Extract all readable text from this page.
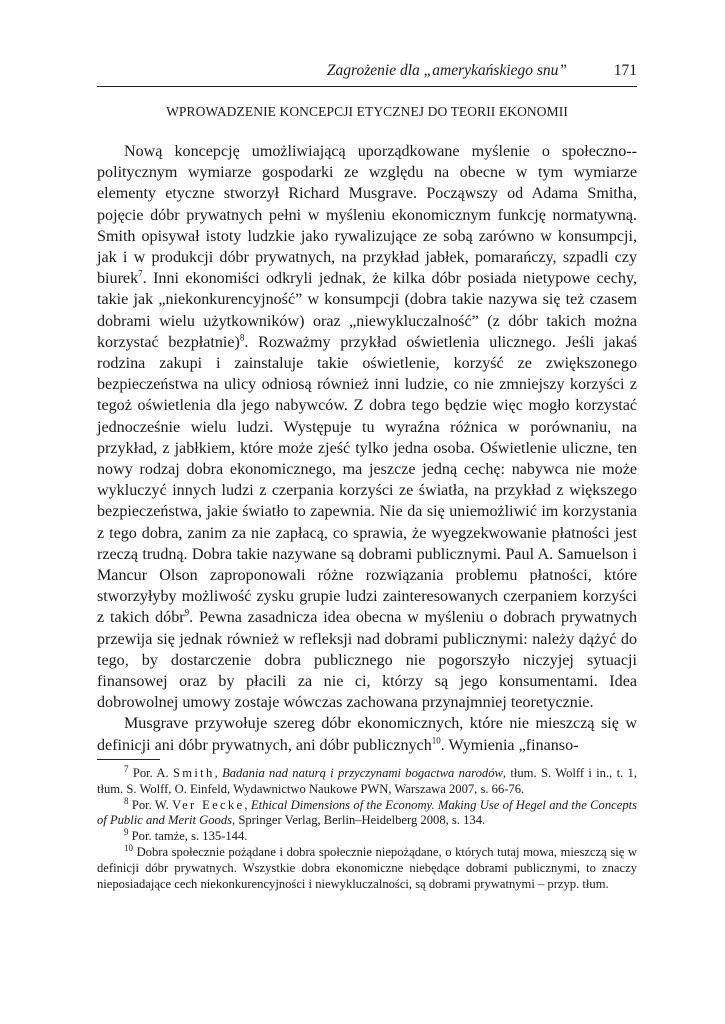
Zagrożenie dla „amerykańskiego snu”	171
WPROWADZENIE KONCEPCJI ETYCZNEJ DO TEORII EKONOMII

Nową koncepcję umożliwiającą uporządkowane myślenie o społeczno--politycznym wymiarze gospodarki ze względu na obecne w tym wymiarze elementy etyczne stworzył Richard Musgrave. Począwszy od Adama Smitha, pojęcie dóbr prywatnych pełni w myśleniu ekonomicznym funkcję normatywną. Smith opisywał istoty ludzkie jako rywalizujące ze sobą zarówno w konsumpcji, jak i w produkcji dóbr prywatnych, na przykład jabłek, pomarańczy, szpadli czy biurek$^7$. Inni ekonomiści odkryli jednak, że kilka dóbr posiada nietypowe cechy, takie jak „niekonkurencyjność” w konsumpcji (dobra takie nazywa się też czasem dobrami wielu użytkowników) oraz „niewykluczalność” (z dóbr takich można korzystać bezpłatnie)$^8$. Rozważmy przykład oświetlenia ulicznego. Jeśli jakaś rodzina zakupi i zainstaluje takie oświetlenie, korzyść ze zwiększonego bezpieczeństwa na ulicy odniosą również inni ludzie, co nie zmniejszy korzyści z tegoż oświetlenia dla jego nabywców. Z dobra tego będzie więc mogło korzystać jednocześnie wielu ludzi. Występuje tu wyraźna różnica w porównaniu, na przykład, z jabłkiem, które może zjeść tylko jedna osoba. Oświetlenie uliczne, ten nowy rodzaj dobra ekonomicznego, ma jeszcze jedną cechę: nabywca nie może wykluczyć innych ludzi z czerpania korzyści ze światła, na przykład z większego bezpieczeństwa, jakie światło to zapewnia. Nie da się uniemożliwić im korzystania z tego dobra, zanim za nie zapłacą, co sprawia, że wyegzekwowanie płatności jest rzeczą trudną. Dobra takie nazywane są dobrami publicznymi. Paul A. Samuelson i Mancur Olson zaproponowali różne rozwiązania problemu płatności, które stworzyłyby możliwość zysku grupie ludzi zainteresowanych czerpaniem korzyści z takich dóbr$^9$. Pewna zasadnicza idea obecna w myśleniu o dobrach prywatnych przewija się jednak również w refleksji nad dobrami publicznymi: należy dążyć do tego, by dostarczenie dobra publicznego nie pogorszyło niczyjej sytuacji finansowej oraz by płacili za nie ci, którzy są jego konsumentami. Idea dobrowolnej umowy zostaje wówczas zachowana przynajmniej teoretycznie.

Musgrave przywołuje szereg dóbr ekonomicznych, które nie mieszczą się w definicji ani dóbr prywatnych, ani dóbr publicznych$^{10}$. Wymienia „finanso-

$^7$ Por. A. Smith, Badania nad naturą i przyczynami bogactwa narodów, tłum. S. Wolff i in., t. 1, tłum. S. Wolff, O. Einfeld, Wydawnictwo Naukowe PWN, Warszawa 2007, s. 66-76.

$^8$ Por. W. Ver Eecke, Ethical Dimensions of the Economy. Making Use of Hegel and the Concepts of Public and Merit Goods, Springer Verlag, Berlin–Heidelberg 2008, s. 134.

$^9$ Por. tamże, s. 135-144.

$^{10}$ Dobra społecznie pożądane i dobra społecznie niepożądane, o których tutaj mowa, mieszczą się w definicji dóbr prywatnych. Wszystkie dobra ekonomiczne niebędące dobrami publicznymi, to znaczy nieposiadające cech niekonkurencyjności i niewykluczalności, są dobrami prywatnymi – przyp. tłum.
